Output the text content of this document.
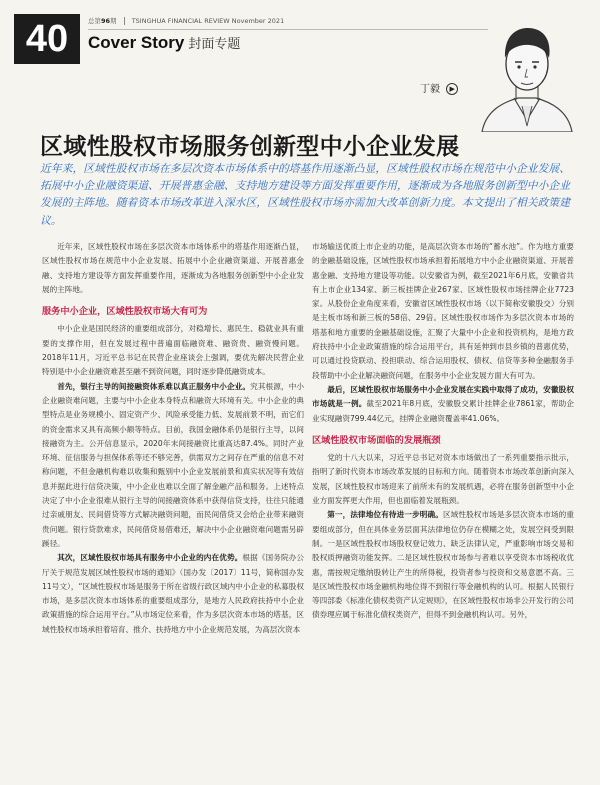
40	总第96期 TSINGHUA FINANCIAL REVIEW November 2021
Cover Story 封面专题
丁毅 ▶
区域性股权市场服务创新型中小企业发展
近年来，区域性股权市场在多层次资本市场体系中的塔基作用逐渐凸显，区域性股权市场在规范中小企业发展、拓展中小企业融资渠道、开展普惠金融、支持地方建设等方面发挥重要作用，逐渐成为各地服务创新型中小企业发展的主阵地。随着资本市场改革进入深水区，区域性股权市场亦需加大改革创新力度。本文提出了相关政策建议。

近年来，区域性股权市场在多层次资本市场体系中的塔基作用逐渐凸显，区域性股权市场在规范中小企业发展、拓展中小企业融资渠道、开展普惠金融、支持地方建设等方面发挥重要作用，逐渐成为各地服务创新型中小企业发展的主阵地。

服务中小企业，区域性股权市场大有可为

中小企业是国民经济的重要组成部分，对稳增长、惠民生、稳就业具有重要的支撑作用，但在发展过程中普遍面临融资难、融资贵、融资慢问题。2018年11月，习近平总书记在民营企业座谈会上强调，要优先解决民营企业特别是中小企业融资难甚至融不到资问题，同时逐步降低融资成本。

首先，银行主导的间接融资体系难以真正服务中小企业。究其根源，中小企业融资难问题，主要与中小企业本身特点和融资大环境有关。中小企业的典型特点是业务规模小、固定资产少、风险承受能力低、发展前景不明，而它们的资金需求又具有高频小额等特点。目前，我国金融体系仍是银行主导，以间接融资为主。公开信息显示，2020年末间接融资比重高达87.4%。同时产业环境、征信服务与担保体系等还不够完善，供需双方之间存在严重的信息不对称问题，不但金融机构难以收集和甄别中小企业发展前景和真实状况等有效信息并据此进行信贷决策，中小企业也难以全面了解金融产品和服务。上述特点决定了中小企业很难从银行主导的间接融资体系中获得信贷支持，往往只能通过亲戚朋友、民间借贷等方式解决融资问题，而民间借贷又会给企业带来融资贵问题。银行贷款难求，民间借贷易借难还，解决中小企业融资难问题需另辟蹊径。

其次，区域性股权市场具有服务中小企业的内在优势。根据《国务院办公厅关于规范发展区域性股权市场的通知》（国办发〔2017〕11号，简称国办发11号文），“区域性股权市场是服务于所在省级行政区域内中小企业的私募股权市场，是多层次资本市场体系的重要组成部分，是地方人民政府扶持中小企业政策措施的综合运用平台。”从市场定位来看，作为多层次资本市场的塔基，区域性股权市场承担着培育、推介、扶持地方中小企业规范发展，为高层次资本

市场输送优质上市企业的功能，是高层次资本市场的“蓄水池”。作为地方重要的金融基础设施，区域性股权市场承担着拓展地方中小企业融资渠道、开展普惠金融、支持地方建设等功能。以安徽省为例，截至2021年6月底，安徽省共有上市企业134家、新三板挂牌企业267家、区域性股权市场挂牌企业7723家。从股份企业角度来看，安徽省区域性股权市场（以下简称安徽股交）分别是主板市场和新三板的58倍、29倍。区域性股权市场作为多层次资本市场的塔基和地方重要的金融基础设施，汇聚了大量中小企业和投资机构，是地方政府扶持中小企业政策措施的综合运用平台，具有延伸到市县乡镇的普惠优势，可以通过投贷联动、投担联动、综合运用股权、债权、信贷等多种金融服务手段帮助中小企业解决融资问题，在服务中小企业发展方面大有可为。

最后，区域性股权市场服务中小企业发展在实践中取得了成功，安徽股权市场就是一例。截至2021年8月底，安徽股交累计挂牌企业7861家，帮助企业实现融资799.44亿元，挂牌企业融资覆盖率41.06%。

区域性股权市场面临的发展瓶颈

党的十八大以来，习近平总书记对资本市场做出了一系列重要指示批示，指明了新时代资本市场改革发展的目标和方向。随着资本市场改革创新向深入发展，区域性股权市场迎来了前所未有的发展机遇，必将在服务创新型中小企业方面发挥更大作用，但也面临着发展瓶颈。

第一，法律地位有待进一步明确。区域性股权市场是多层次资本市场的重要组成部分，但在具体业务层面其法律地位仍存在模糊之处，发展空间受到限制。一是区域性股权市场股权登记效力、缺乏法律认定，严重影响市场交易和股权质押融资功能发挥。二是区域性股权市场参与者难以享受资本市场税收优惠，需按规定缴纳股转让产生的所得税，投资者参与投资和交易意愿不高。三是区域性股权市场金融机构地位得不到银行等金融机构的认可。根据人民银行等四部委《标准化债权类资产认定规则》，在区域性股权市场非公开发行的公司债券理应属于标准化债权类资产，但得不到金融机构认可。另外，
